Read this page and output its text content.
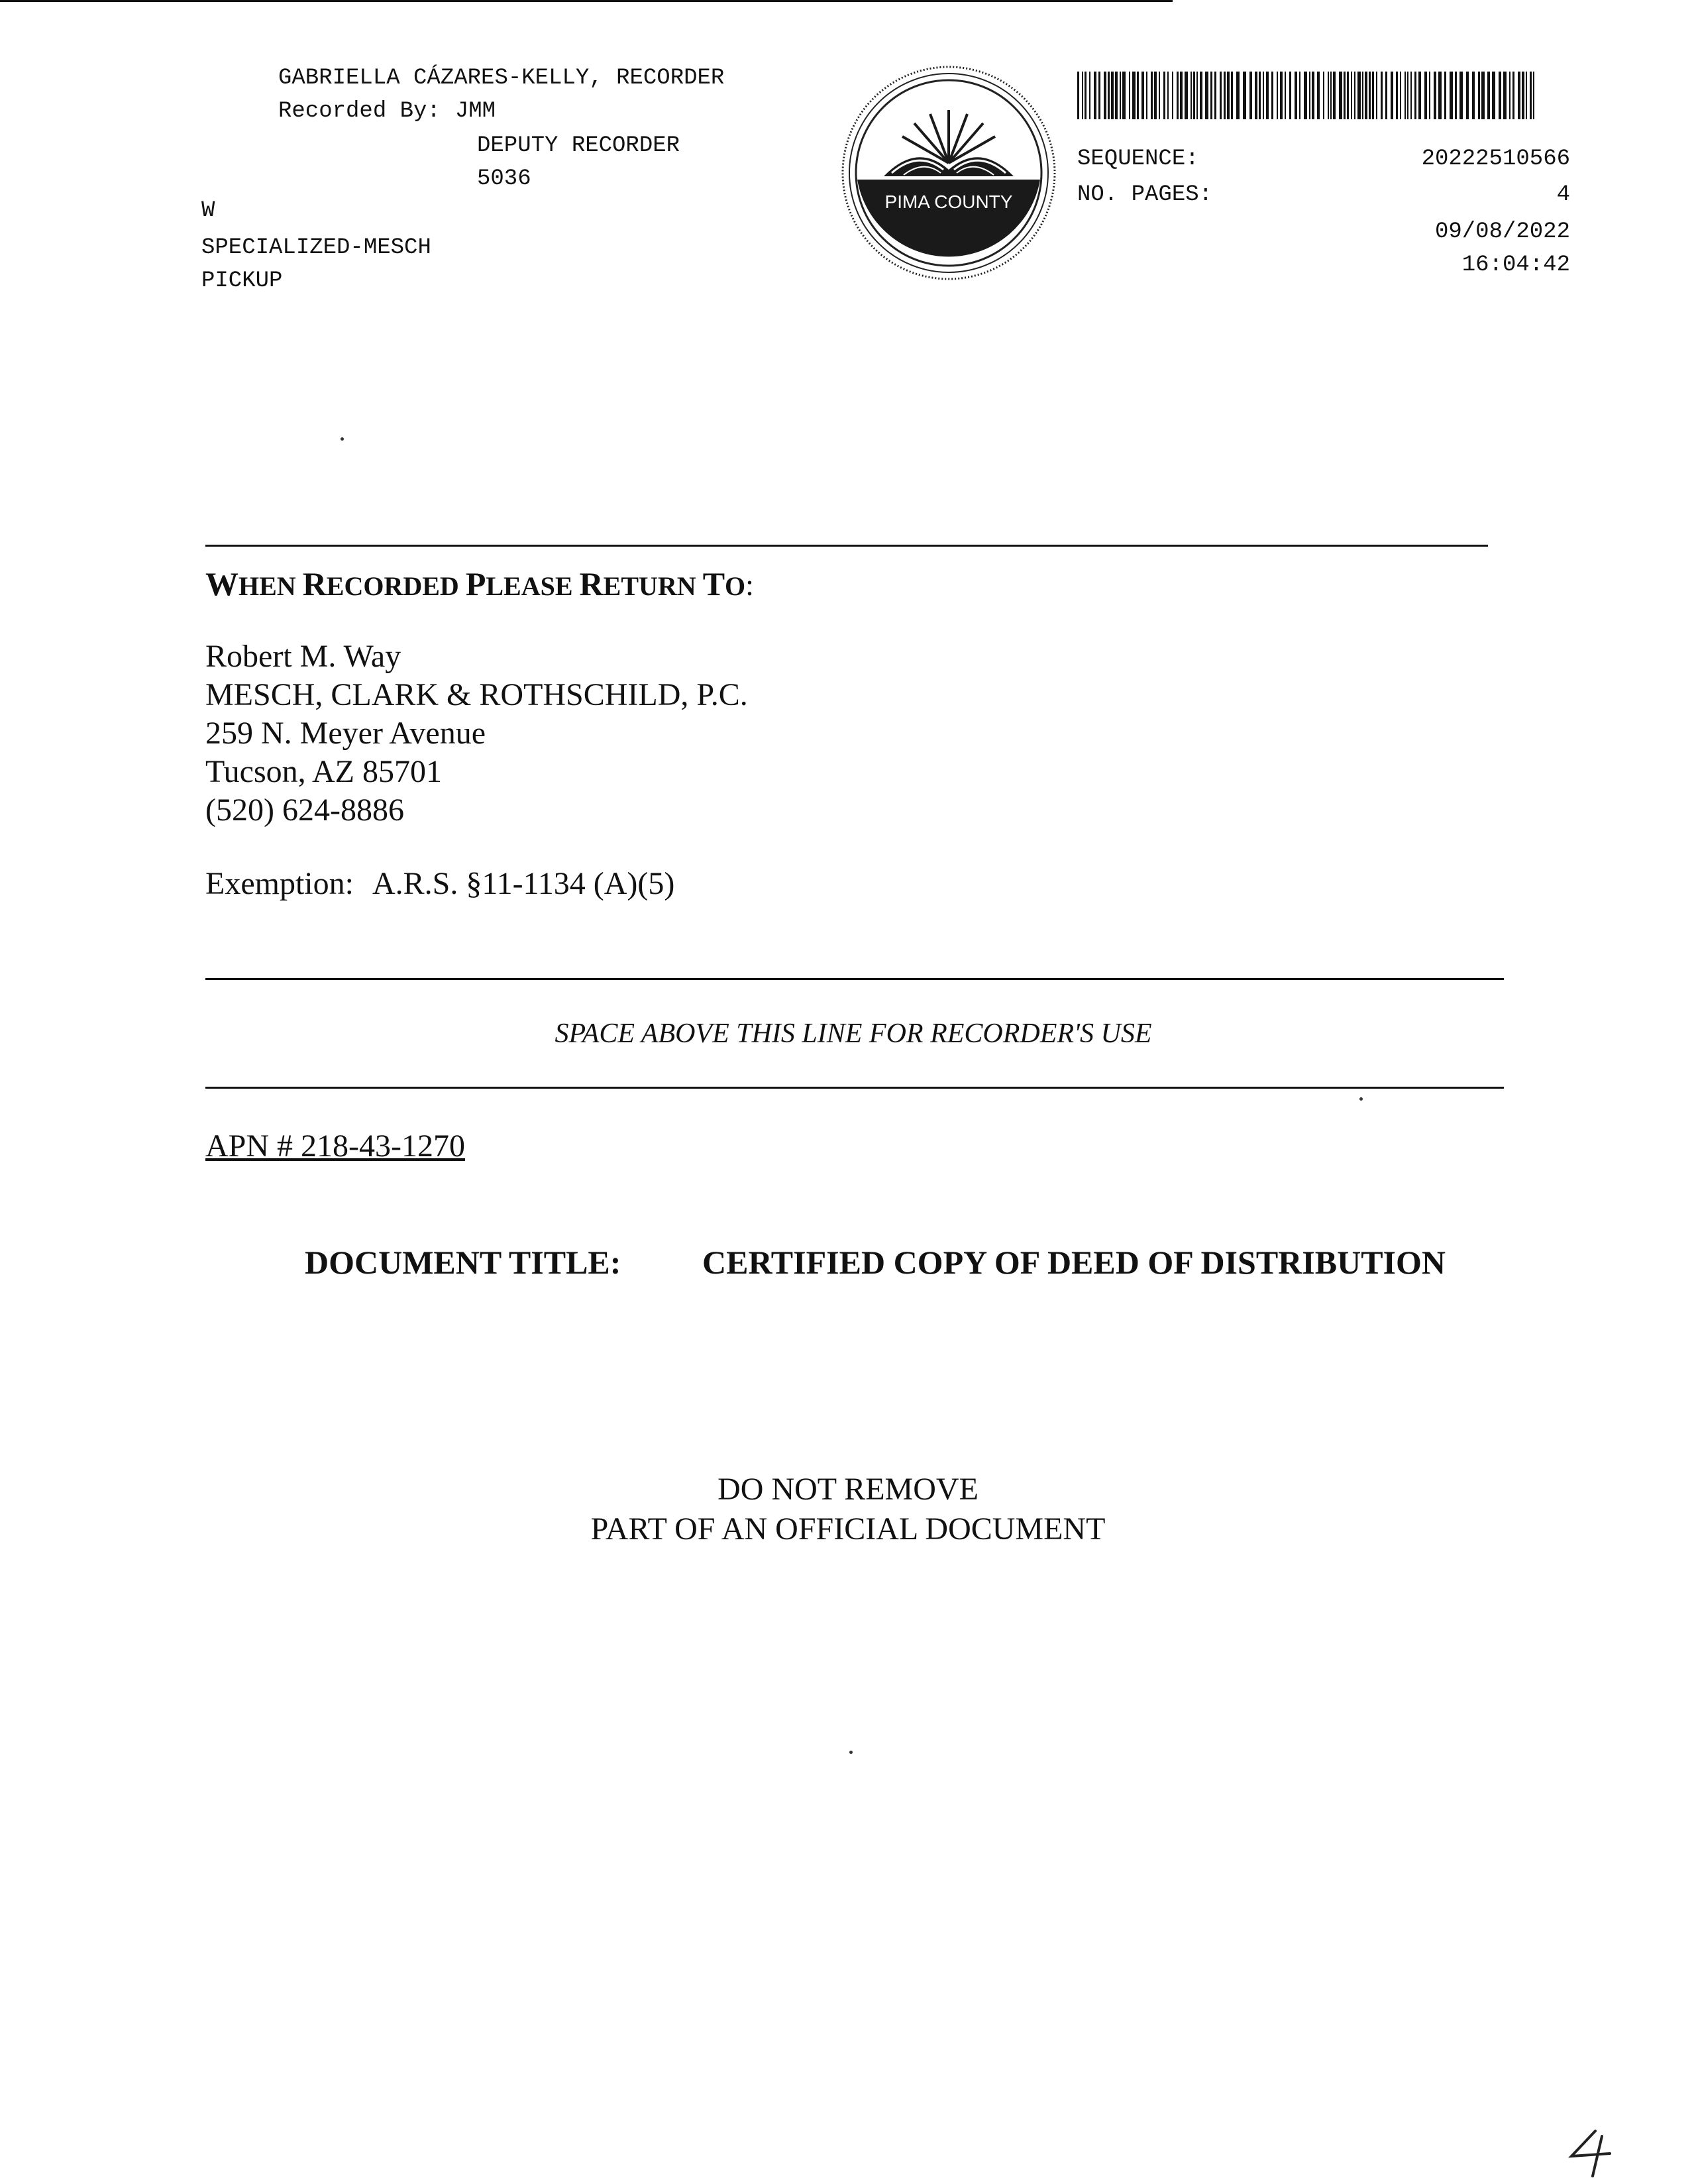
GABRIELLA CÁZARES-KELLY, RECORDER
Recorded By: JMM
DEPUTY RECORDER
5036
W
SPECIALIZED-MESCH
PICKUP
PIMA COUNTY
SEQUENCE:	20222510566
NO. PAGES:	4
09/08/2022
16:04:42
WHEN RECORDED PLEASE RETURN TO:
Robert M. Way
MESCH, CLARK & ROTHSCHILD, P.C.
259 N. Meyer Avenue
Tucson, AZ 85701
(520) 624-8886
Exemption: A.R.S. §11-1134 (A)(5)
SPACE ABOVE THIS LINE FOR RECORDER'S USE
APN # 218-43-1270
DOCUMENT TITLE: CERTIFIED COPY OF DEED OF DISTRIBUTION
DO NOT REMOVE
PART OF AN OFFICIAL DOCUMENT
